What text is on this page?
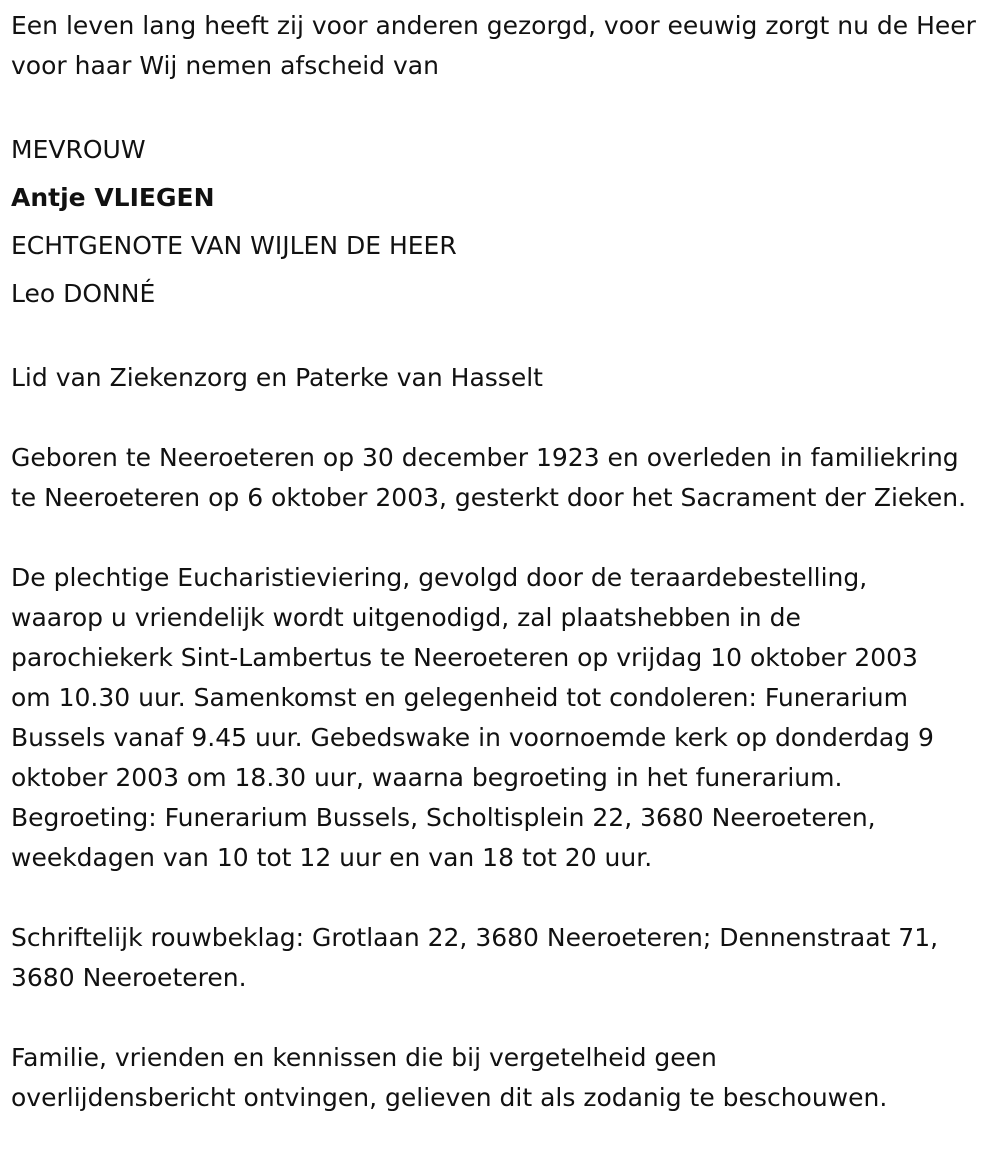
Een leven lang heeft zij voor anderen gezorgd, voor eeuwig zorgt nu de Heer voor haar Wij nemen afscheid van

MEVROUW

Antje VLIEGEN

ECHTGENOTE VAN WIJLEN DE HEER

Leo DONNÉ

Lid van Ziekenzorg en Paterke van Hasselt

Geboren te Neeroeteren op 30 december 1923 en overleden in familiekring te Neeroeteren op 6 oktober 2003, gesterkt door het Sacrament der Zieken.

De plechtige Eucharistieviering, gevolgd door de teraardebestelling,

waarop u vriendelijk wordt uitgenodigd, zal plaatshebben in de

parochiekerk Sint-Lambertus te Neeroeteren op vrijdag 10 oktober 2003

om 10.30 uur. Samenkomst en gelegenheid tot condoleren: Funerarium

Bussels vanaf 9.45 uur. Gebedswake in voornoemde kerk op donderdag 9

oktober 2003 om 18.30 uur, waarna begroeting in het funerarium.

Begroeting: Funerarium Bussels, Scholtisplein 22, 3680 Neeroeteren,

weekdagen van 10 tot 12 uur en van 18 tot 20 uur.

Schriftelijk rouwbeklag: Grotlaan 22, 3680 Neeroeteren; Dennenstraat 71,

3680 Neeroeteren.

Familie, vrienden en kennissen die bij vergetelheid geen

overlijdensbericht ontvingen, gelieven dit als zodanig te beschouwen.
